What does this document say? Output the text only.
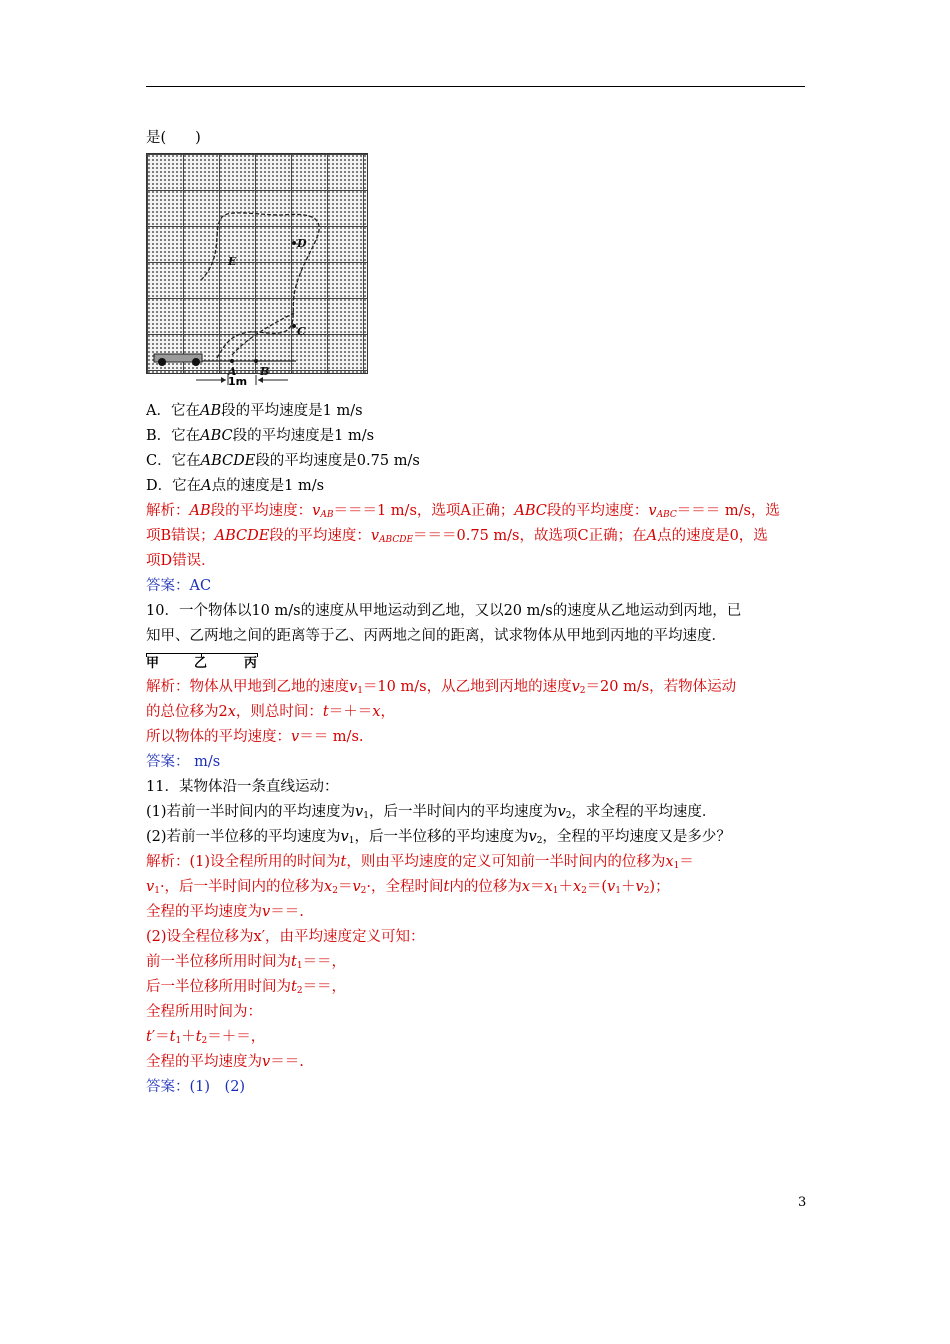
是(　　)
A B
C
D
E
1m
A．它在AB段的平均速度是1 m/s
B．它在ABC段的平均速度是1 m/s
C．它在ABCDE段的平均速度是0.75 m/s
D．它在A点的速度是1 m/s
解析：AB段的平均速度：$v_{AB}===1$ m/s，选项A正确；ABC段的平均速度：$v_{ABC}=== m/s$，选
项B错误；ABCDE段的平均速度：$v_{ABCDE}===0.75$ m/s，故选项C正确；在A点的速度是0，选
项D错误．
答案：AC
10．一个物体以10 m/s的速度从甲地运动到乙地，又以20 m/s的速度从乙地运动到丙地，已
知甲、乙两地之间的距离等于乙、丙两地之间的距离，试求物体从甲地到丙地的平均速度．
甲	乙	丙
解析：物体从甲地到乙地的速度$v_1=10$ m/s，从乙地到丙地的速度$v_2=20$ m/s，若物体运动
的总位移为2x，则总时间：t＝＋＝x，
所以物体的平均速度：v＝＝ m/s.
答案： m/s
11．某物体沿一条直线运动：
(1)若前一半时间内的平均速度为$v_1$，后一半时间内的平均速度为$v_2$，求全程的平均速度．
(2)若前一半位移的平均速度为$v_1$，后一半位移的平均速度为$v_2$，全程的平均速度又是多少？
解析：(1)设全程所用的时间为t，则由平均速度的定义可知前一半时间内的位移为$x_1=$
$v_1\cdot$，后一半时间内的位移为$x_2=v_2\cdot$，全程时间t内的位移为$x=x_1+x_2=(v_1+v_2)$；
全程的平均速度为v＝＝.
(2)设全程位移为x′，由平均速度定义可知：
前一半位移所用时间为$t_1==$，
后一半位移所用时间为$t_2==$，
全程所用时间为：
$t'=t_1+t_2=+=$，
全程的平均速度为v＝＝.
答案：(1)　(2)
3
